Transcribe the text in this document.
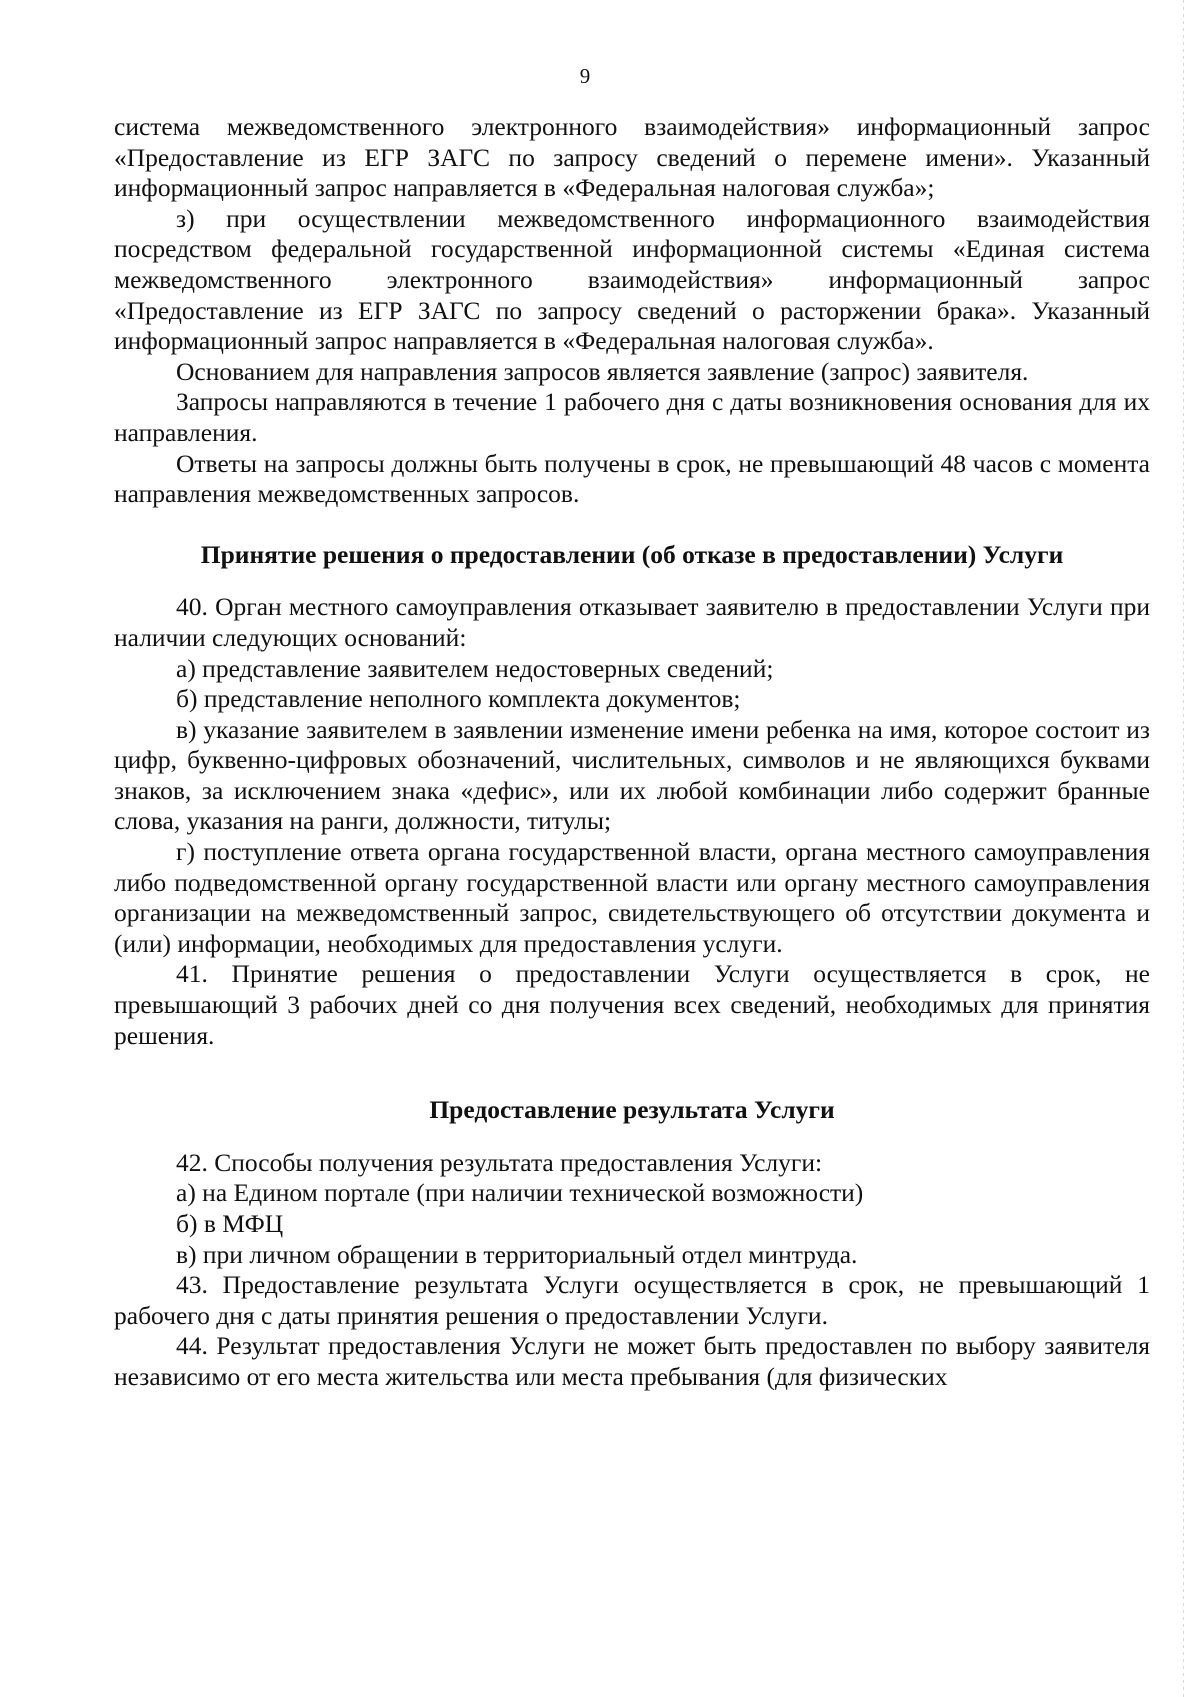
9

система межведомственного электронного взаимодействия» информационный запрос «Предоставление из ЕГР ЗАГС по запросу сведений о перемене имени». Указанный информационный запрос направляется в «Федеральная налоговая служба»;

з) при осуществлении межведомственного информационного взаимодействия посредством федеральной государственной информационной системы «Единая система межведомственного электронного взаимодействия» информационный запрос «Предоставление из ЕГР ЗАГС по запросу сведений о расторжении брака». Указанный информационный запрос направляется в «Федеральная налоговая служба».

Основанием для направления запросов является заявление (запрос) заявителя.

Запросы направляются в течение 1 рабочего дня с даты возникновения основания для их направления.

Ответы на запросы должны быть получены в срок, не превышающий 48 часов с момента направления межведомственных запросов.

Принятие решения о предоставлении (об отказе в предоставлении) Услуги

40. Орган местного самоуправления отказывает заявителю в предоставлении Услуги при наличии следующих оснований:

а) представление заявителем недостоверных сведений;

б) представление неполного комплекта документов;

в) указание заявителем в заявлении изменение имени ребенка на имя, которое состоит из цифр, буквенно-цифровых обозначений, числительных, символов и не являющихся буквами знаков, за исключением знака «дефис», или их любой комбинации либо содержит бранные слова, указания на ранги, должности, титулы;

г) поступление ответа органа государственной власти, органа местного самоуправления либо подведомственной органу государственной власти или органу местного самоуправления организации на межведомственный запрос, свидетельствующего об отсутствии документа и (или) информации, необходимых для предоставления услуги.

41. Принятие решения о предоставлении Услуги осуществляется в срок, не превышающий 3 рабочих дней со дня получения всех сведений, необходимых для принятия решения.

Предоставление результата Услуги

42. Способы получения результата предоставления Услуги:

а) на Едином портале (при наличии технической возможности)

б) в МФЦ

в) при личном обращении в территориальный отдел минтруда.

43. Предоставление результата Услуги осуществляется в срок, не превышающий 1 рабочего дня с даты принятия решения о предоставлении Услуги.

44. Результат предоставления Услуги не может быть предоставлен по выбору заявителя независимо от его места жительства или места пребывания (для физических
